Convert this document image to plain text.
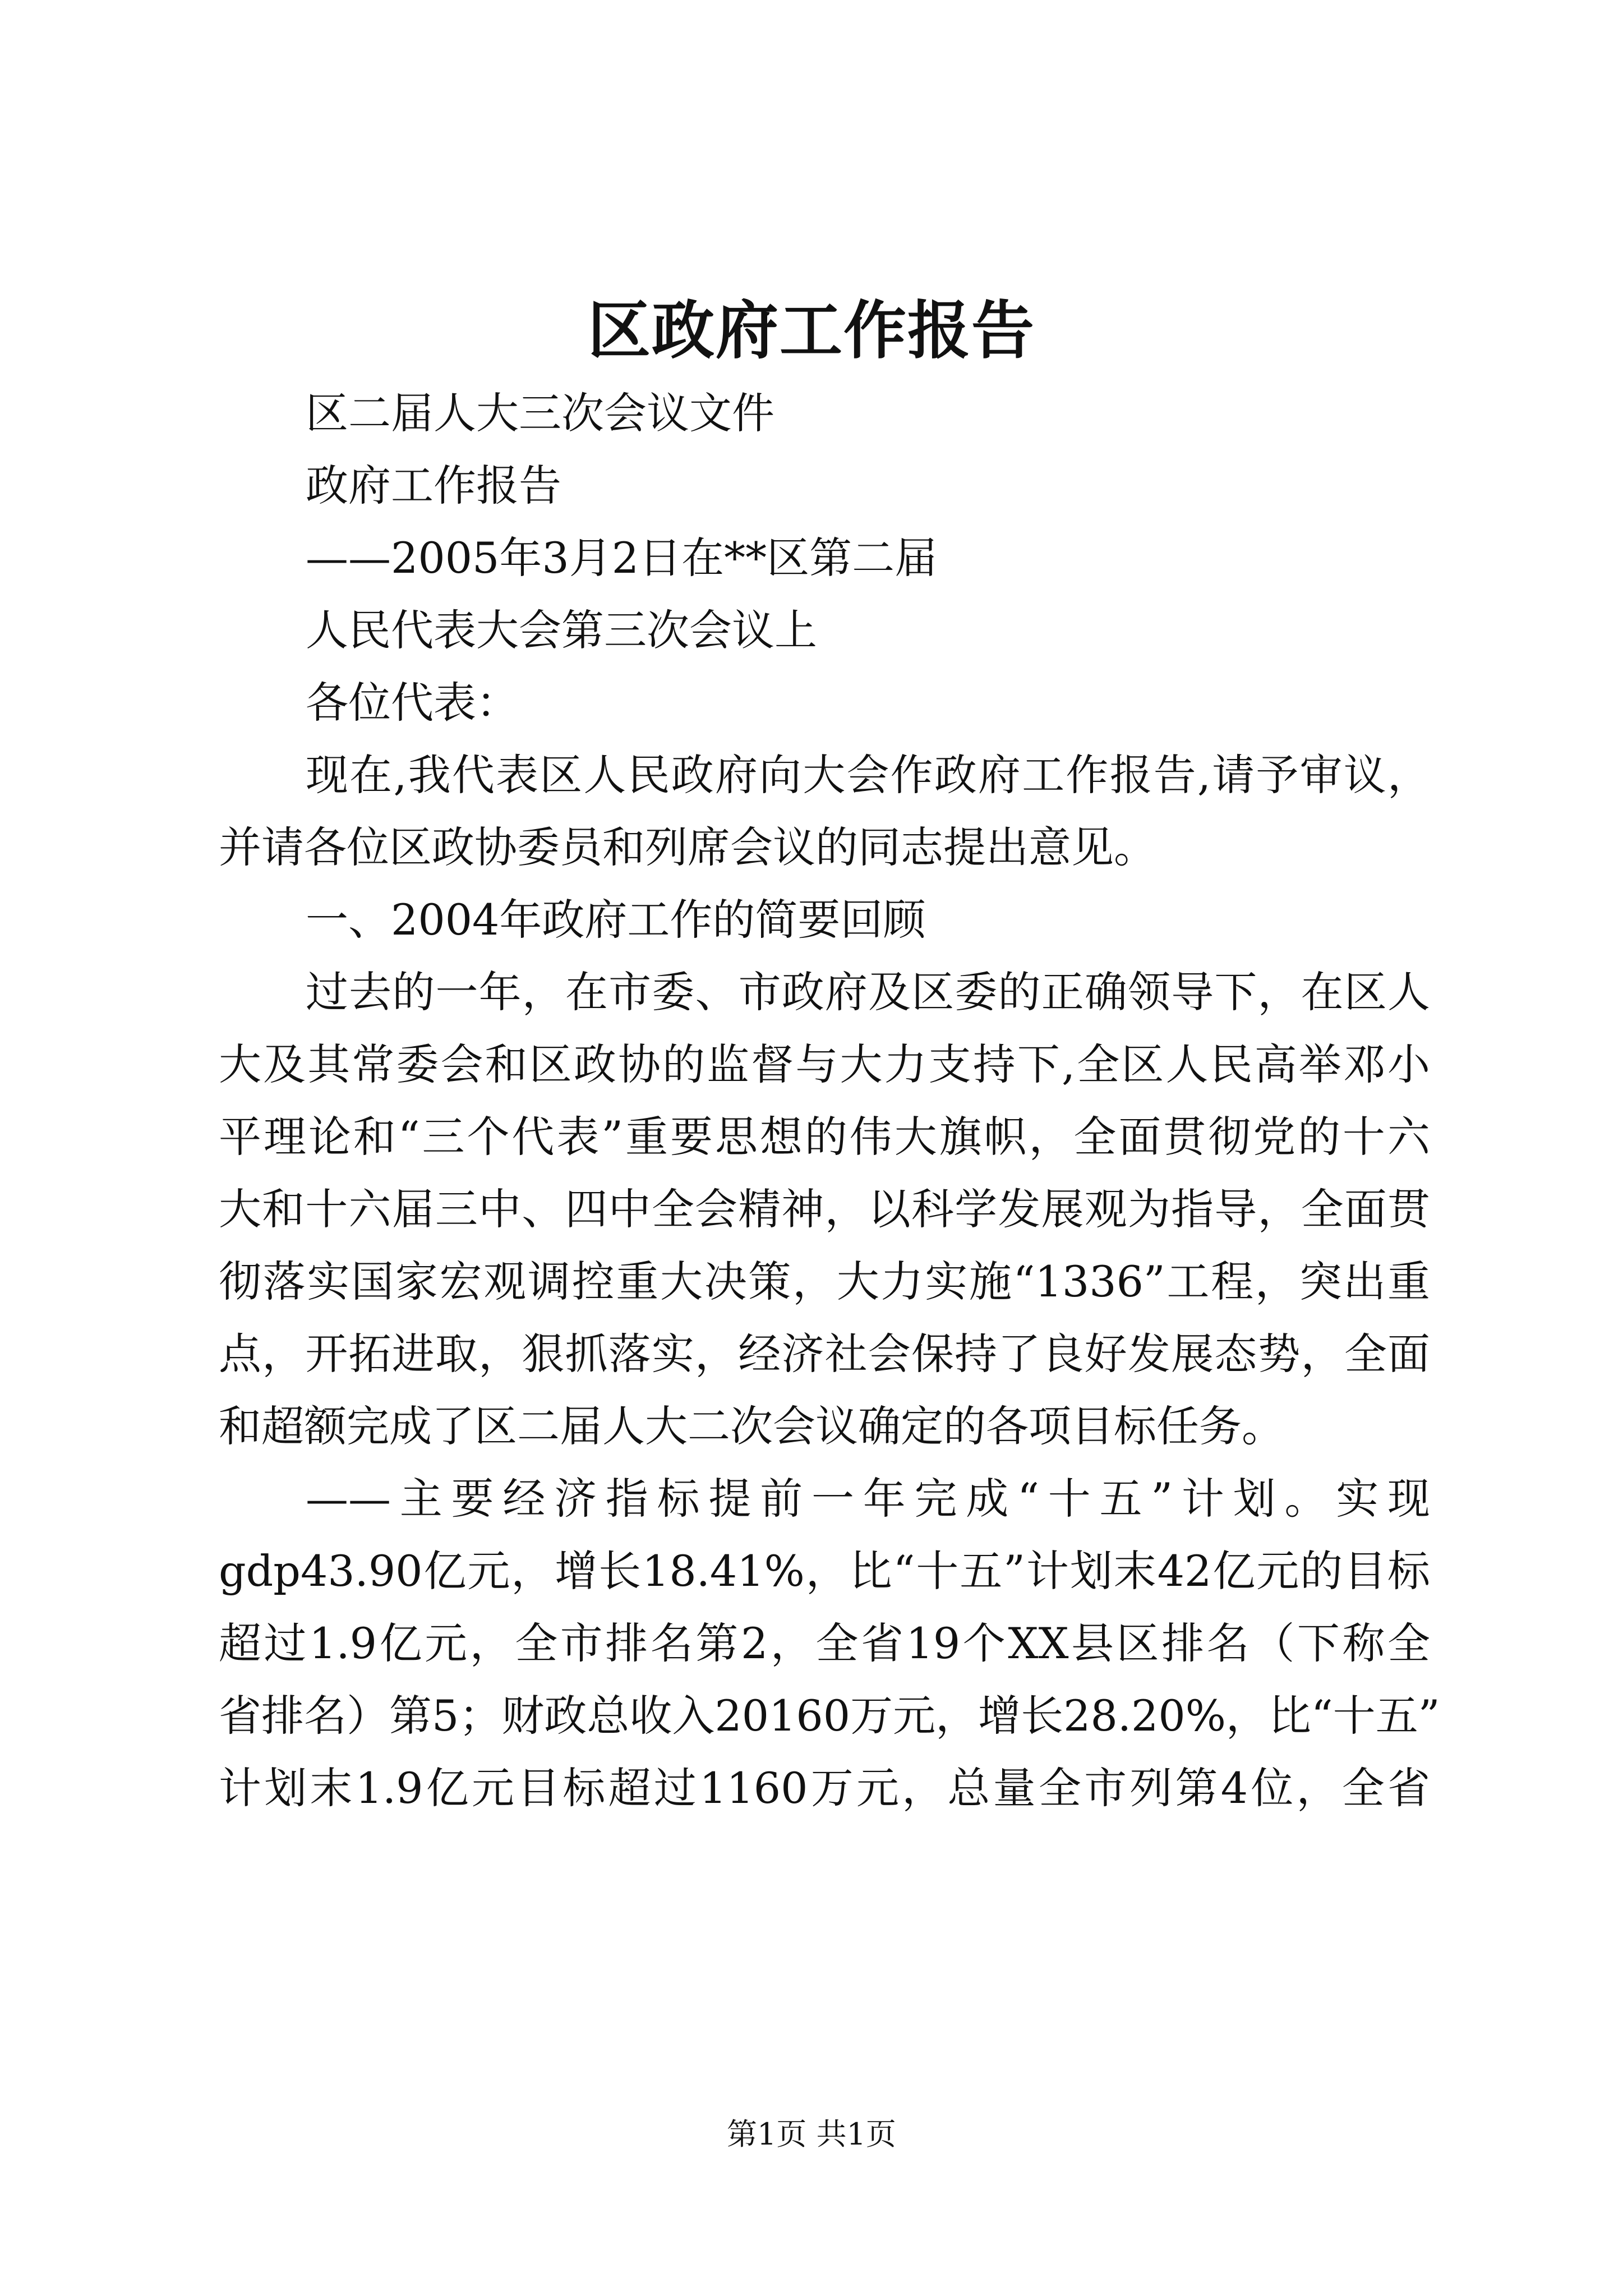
区政府工作报告
区二届人大三次会议文件
政府工作报告
——2005年3月2日在**区第二届
人民代表大会第三次会议上
各位代表：
现在,我代表区人民政府向大会作政府工作报告,请予审议，
并请各位区政协委员和列席会议的同志提出意见。
一、2004年政府工作的简要回顾
过去的一年，在市委、市政府及区委的正确领导下，在区人
大及其常委会和区政协的监督与大力支持下,全区人民高举邓小
平理论和“三个代表”重要思想的伟大旗帜，全面贯彻党的十六
大和十六届三中、四中全会精神，以科学发展观为指导，全面贯
彻落实国家宏观调控重大决策，大力实施“1336”工程，突出重
点，开拓进取，狠抓落实，经济社会保持了良好发展态势，全面
和超额完成了区二届人大二次会议确定的各项目标任务。
——主要经济指标提前一年完成“十五”计划。实现
gdp43.90亿元，增长18.41%，比“十五”计划末42亿元的目标
超过1.9亿元，全市排名第2，全省19个XX县区排名（下称全
省排名）第5；财政总收入20160万元，增长28.20%，比“十五”
计划末1.9亿元目标超过1160万元，总量全市列第4位，全省
第1页 共1页
